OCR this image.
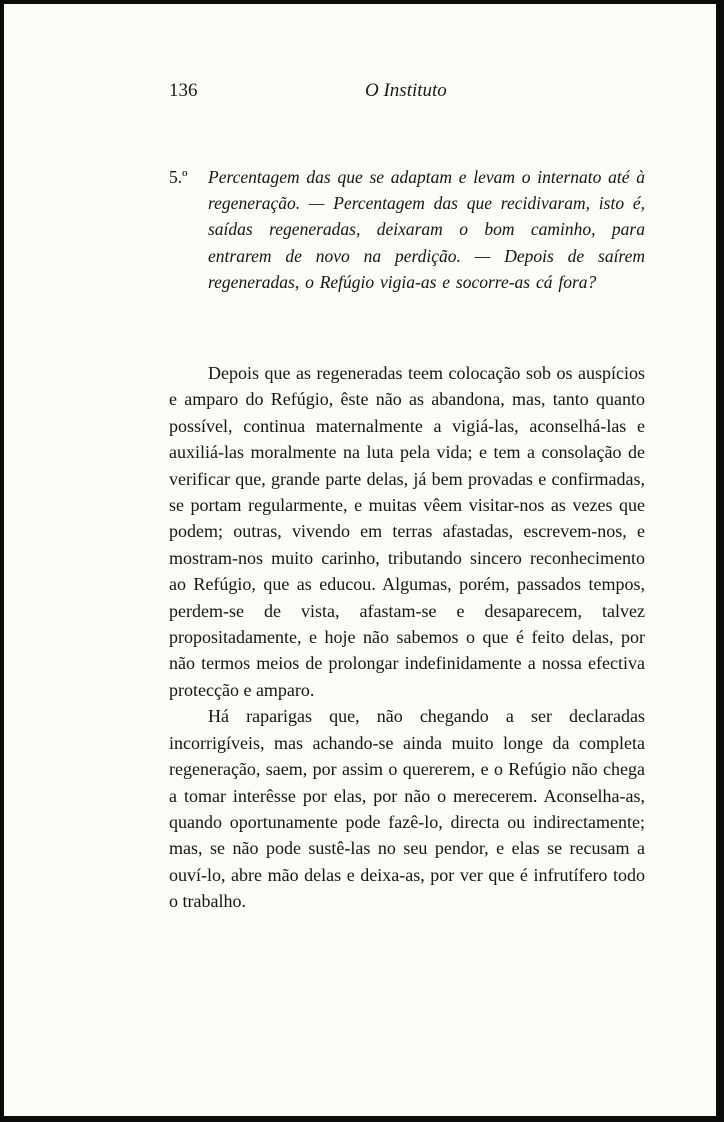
136	O Instituto
5.º Percentagem das que se adaptam e levam o internato até à regeneração. — Percentagem das que recidivaram, isto é, saídas regeneradas, deixaram o bom caminho, para entrarem de novo na perdição. — Depois de saírem regeneradas, o Refúgio vigia-as e socorre-as cá fora?

Depois que as regeneradas teem colocação sob os auspícios e amparo do Refúgio, êste não as abandona, mas, tanto quanto possível, continua maternalmente a vigiá-las, aconselhá-las e auxiliá-las moralmente na luta pela vida; e tem a consolação de verificar que, grande parte delas, já bem provadas e confirmadas, se portam regularmente, e muitas vêem visitar-nos as vezes que podem; outras, vivendo em terras afastadas, escrevem-nos, e mostram-nos muito carinho, tributando sincero reconhecimento ao Refúgio, que as educou. Algumas, porém, passados tempos, perdem-se de vista, afastam-se e desaparecem, talvez propositadamente, e hoje não sabemos o que é feito delas, por não termos meios de prolongar indefinidamente a nossa efectiva protecção e amparo.

Há raparigas que, não chegando a ser declaradas incorrigíveis, mas achando-se ainda muito longe da completa regeneração, saem, por assim o quererem, e o Refúgio não chega a tomar interêsse por elas, por não o merecerem. Aconselha-as, quando oportunamente pode fazê-lo, directa ou indirectamente; mas, se não pode sustê-las no seu pendor, e elas se recusam a ouví-lo, abre mão delas e deixa-as, por ver que é infrutífero todo o trabalho.
